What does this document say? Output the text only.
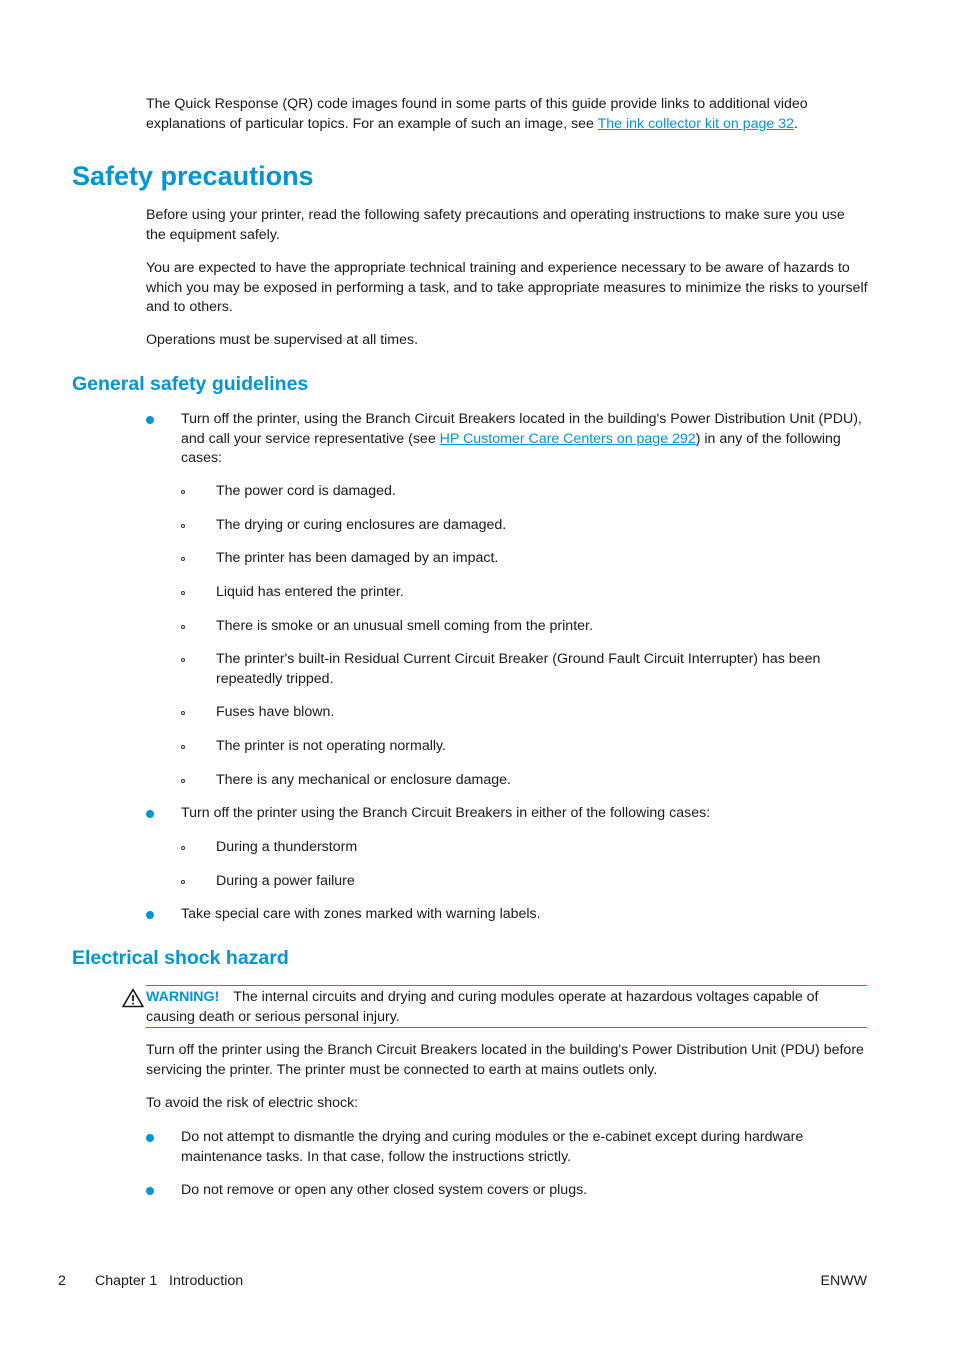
The Quick Response (QR) code images found in some parts of this guide provide links to additional video explanations of particular topics. For an example of such an image, see The ink collector kit on page 32.

Safety precautions

Before using your printer, read the following safety precautions and operating instructions to make sure you use the equipment safely.

You are expected to have the appropriate technical training and experience necessary to be aware of hazards to which you may be exposed in performing a task, and to take appropriate measures to minimize the risks to yourself and to others.

Operations must be supervised at all times.

General safety guidelines

Turn off the printer, using the Branch Circuit Breakers located in the building's Power Distribution Unit (PDU), and call your service representative (see HP Customer Care Centers on page 292) in any of the following cases:

The power cord is damaged.

The drying or curing enclosures are damaged.

The printer has been damaged by an impact.

Liquid has entered the printer.

There is smoke or an unusual smell coming from the printer.

The printer's built-in Residual Current Circuit Breaker (Ground Fault Circuit Interrupter) has been repeatedly tripped.

Fuses have blown.

The printer is not operating normally.

There is any mechanical or enclosure damage.

Turn off the printer using the Branch Circuit Breakers in either of the following cases:

During a thunderstorm

During a power failure

Take special care with zones marked with warning labels.

Electrical shock hazard

WARNING! The internal circuits and drying and curing modules operate at hazardous voltages capable of causing death or serious personal injury.

Turn off the printer using the Branch Circuit Breakers located in the building's Power Distribution Unit (PDU) before servicing the printer. The printer must be connected to earth at mains outlets only.

To avoid the risk of electric shock:

Do not attempt to dismantle the drying and curing modules or the e-cabinet except during hardware maintenance tasks. In that case, follow the instructions strictly.

Do not remove or open any other closed system covers or plugs.

2 Chapter 1 Introduction	ENWW
